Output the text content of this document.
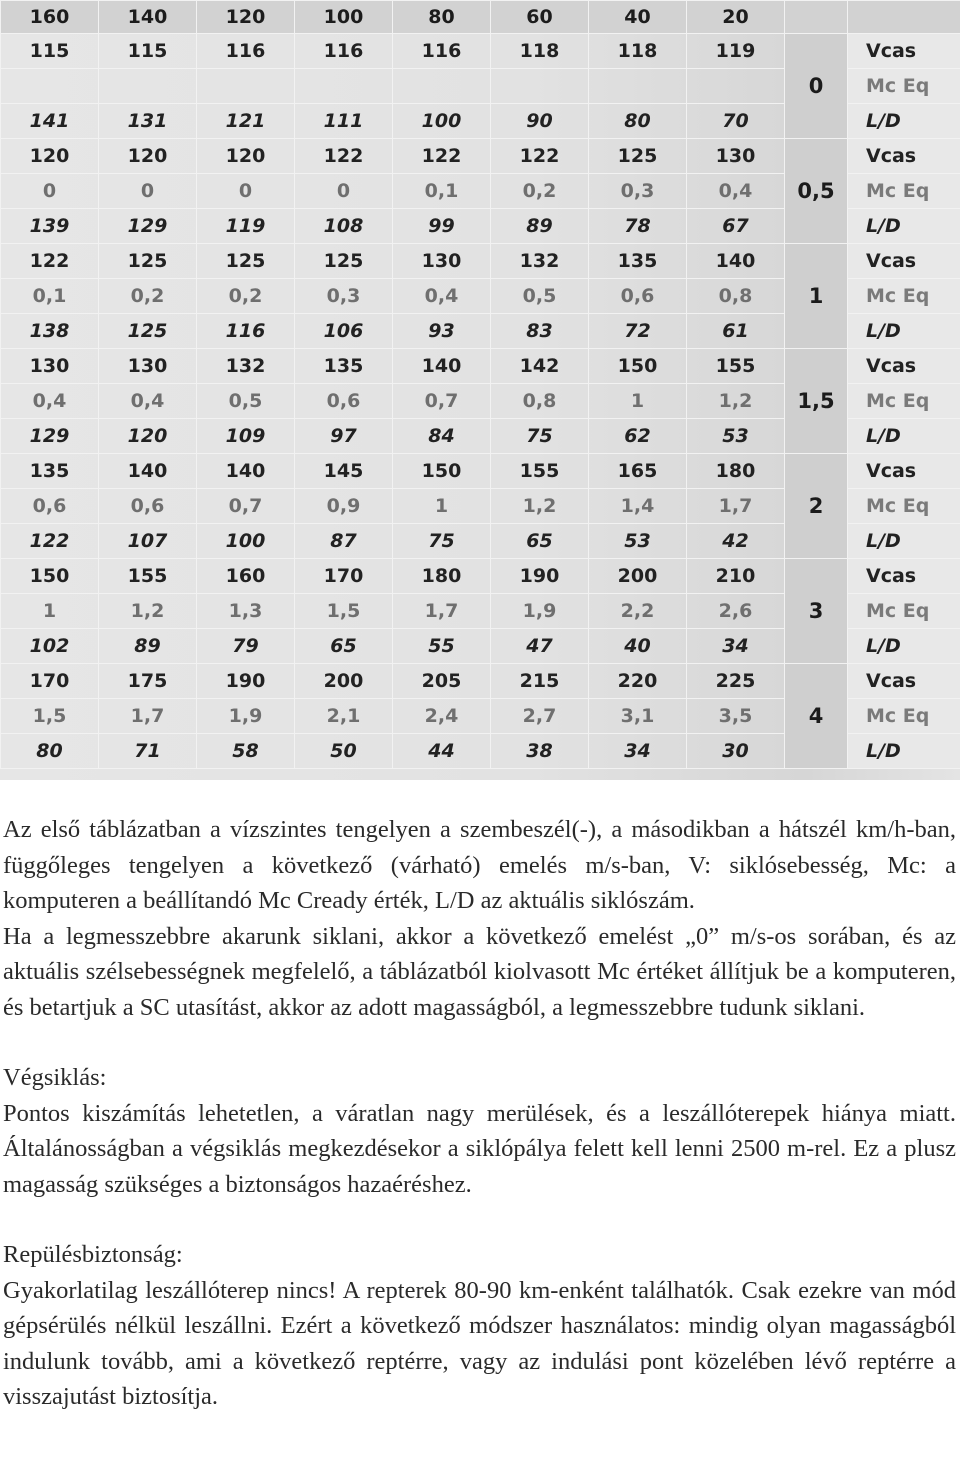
160	140	120	100	80	60	40	20		
115	115	116	116	116	118	118	119	0	Vcas
									Mc Eq
141	131	121	111	100	90	80	70		L/D
120	120	120	122	122	122	125	130	0,5	Vcas
0	0	0	0	0,1	0,2	0,3	0,4		Mc Eq
139	129	119	108	99	89	78	67		L/D
122	125	125	125	130	132	135	140	1	Vcas
0,1	0,2	0,2	0,3	0,4	0,5	0,6	0,8		Mc Eq
138	125	116	106	93	83	72	61		L/D
130	130	132	135	140	142	150	155	1,5	Vcas
0,4	0,4	0,5	0,6	0,7	0,8	1	1,2		Mc Eq
129	120	109	97	84	75	62	53		L/D
135	140	140	145	150	155	165	180	2	Vcas
0,6	0,6	0,7	0,9	1	1,2	1,4	1,7		Mc Eq
122	107	100	87	75	65	53	42		L/D
150	155	160	170	180	190	200	210	3	Vcas
1	1,2	1,3	1,5	1,7	1,9	2,2	2,6		Mc Eq
102	89	79	65	55	47	40	34		L/D
170	175	190	200	205	215	220	225	4	Vcas
1,5	1,7	1,9	2,1	2,4	2,7	3,1	3,5		Mc Eq
80	71	58	50	44	38	34	30		L/D

Az első táblázatban a vízszintes tengelyen a szembeszél(-), a másodikban a hátszél km/h-ban, függőleges tengelyen a következő (várható) emelés m/s-ban, V: siklósebesség, Mc: a komputeren a beállítandó Mc Cready érték, L/D az aktuális siklószám.

Ha a legmesszebbre akarunk siklani, akkor a következő emelést „0” m/s-os sorában, és az aktuális szélsebességnek megfelelő, a táblázatból kiolvasott Mc értéket állítjuk be a komputeren, és betartjuk a SC utasítást, akkor az adott magasságból, a legmesszebbre tudunk siklani.

Végsiklás:

Pontos kiszámítás lehetetlen, a váratlan nagy merülések, és a leszállóterepek hiánya miatt. Általánosságban a végsiklás megkezdésekor a siklópálya felett kell lenni 2500 m-rel. Ez a plusz magasság szükséges a biztonságos hazaéréshez.

Repülésbiztonság:

Gyakorlatilag leszállóterep nincs! A repterek 80-90 km-enként találhatók. Csak ezekre van mód gépsérülés nélkül leszállni. Ezért a következő módszer használatos: mindig olyan magasságból indulunk tovább, ami a következő reptérre, vagy az indulási pont közelében lévő reptérre a visszajutást biztosítja.
